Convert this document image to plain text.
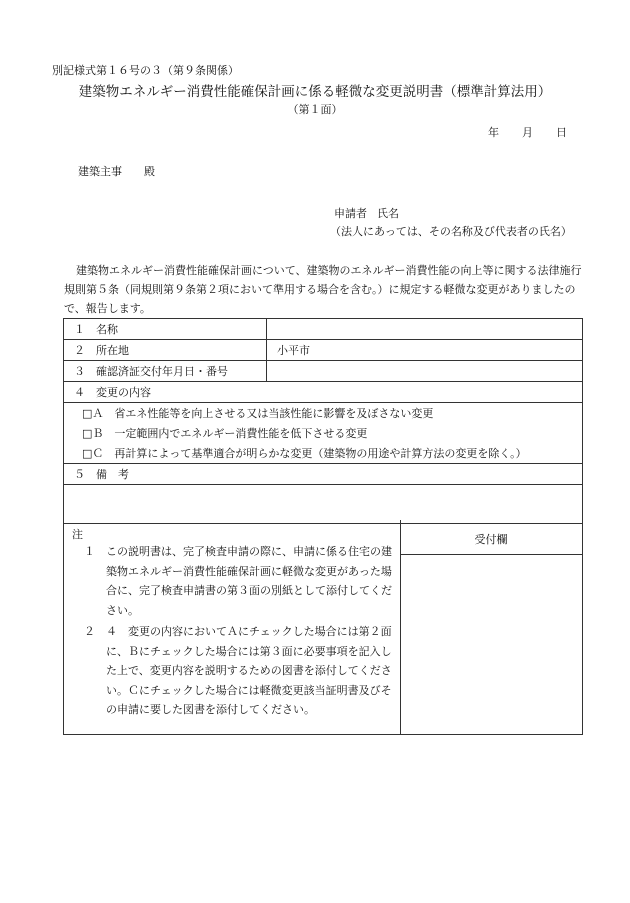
別記様式第１６号の３（第９条関係）
建築物エネルギー消費性能確保計画に係る軽微な変更説明書（標準計算法用）
（第１面）
年 月 日
建築主事 殿
申請者 氏名
（法人にあっては、その名称及び代表者の氏名）

建築物エネルギー消費性能確保計画について、建築物のエネルギー消費性能の向上等に関する法律施行規則第５条（同規則第９条第２項において準用する場合を含む。）に規定する軽微な変更がありましたので、報告します。

１　名称	
２　所在地	小平市
３　確認済証交付年月日・番号	
４　変更の内容	
□Ａ　省エネ性能等を向上させる又は当該性能に影響を及ぼさない変更	
□Ｂ　一定範囲内でエネルギー消費性能を低下させる変更	
□Ｃ　再計算によって基準適合が明らかな変更（建築物の用途や計算方法の変更を除く。）	
５　備　考	

注
１	この説明書は、完了検査申請の際に、申請に係る住宅の建築物エネルギー消費性能確保計画に軽微な変更があった場合に、完了検査申請書の第３面の別紙として添付してください。
２	４　変更の内容においてＡにチェックした場合には第２面に、Ｂにチェックした場合には第３面に必要事項を記入した上で、変更内容を説明するための図書を添付してください。Ｃにチェックした場合には軽微変更該当証明書及びその申請に要した図書を添付してください。
受付欄
